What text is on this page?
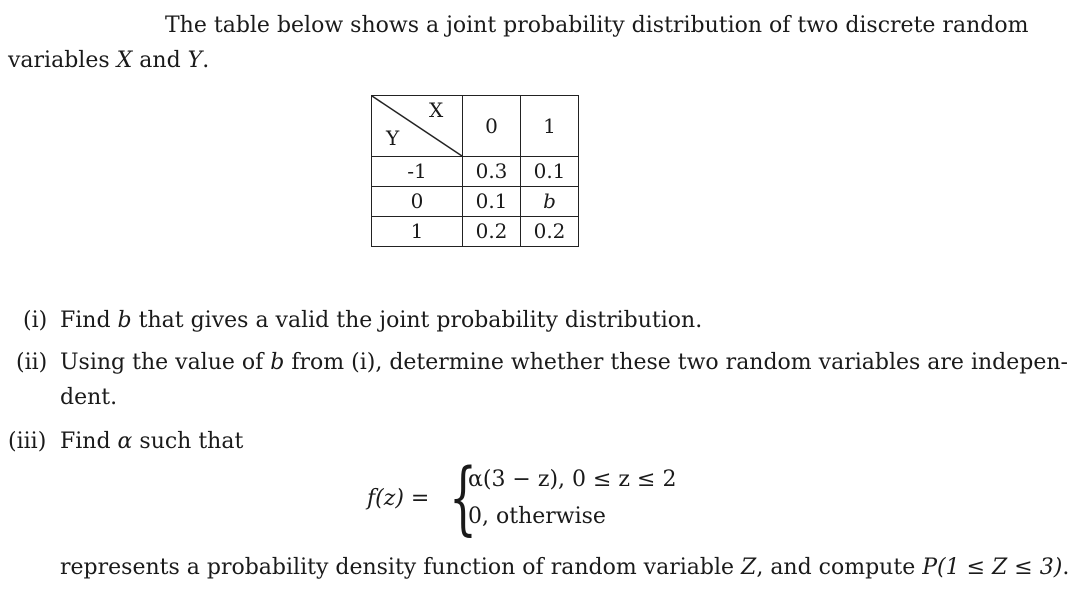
The table below shows a joint probability distribution of two discrete random
variables X and Y.
X
Y	0	1
-1	0.3	0.1
0	0.1	b
1	0.2	0.2
(i) Find b that gives a valid the joint probability distribution.
(ii) Using the value of b from (i), determine whether these two random variables are indepen-
dent.
(iii) Find α such that
f(z) = {
α(3 − z), 0 ≤ z ≤ 2
0, otherwise
represents a probability density function of random variable Z, and compute P(1 ≤ Z ≤ 3).
